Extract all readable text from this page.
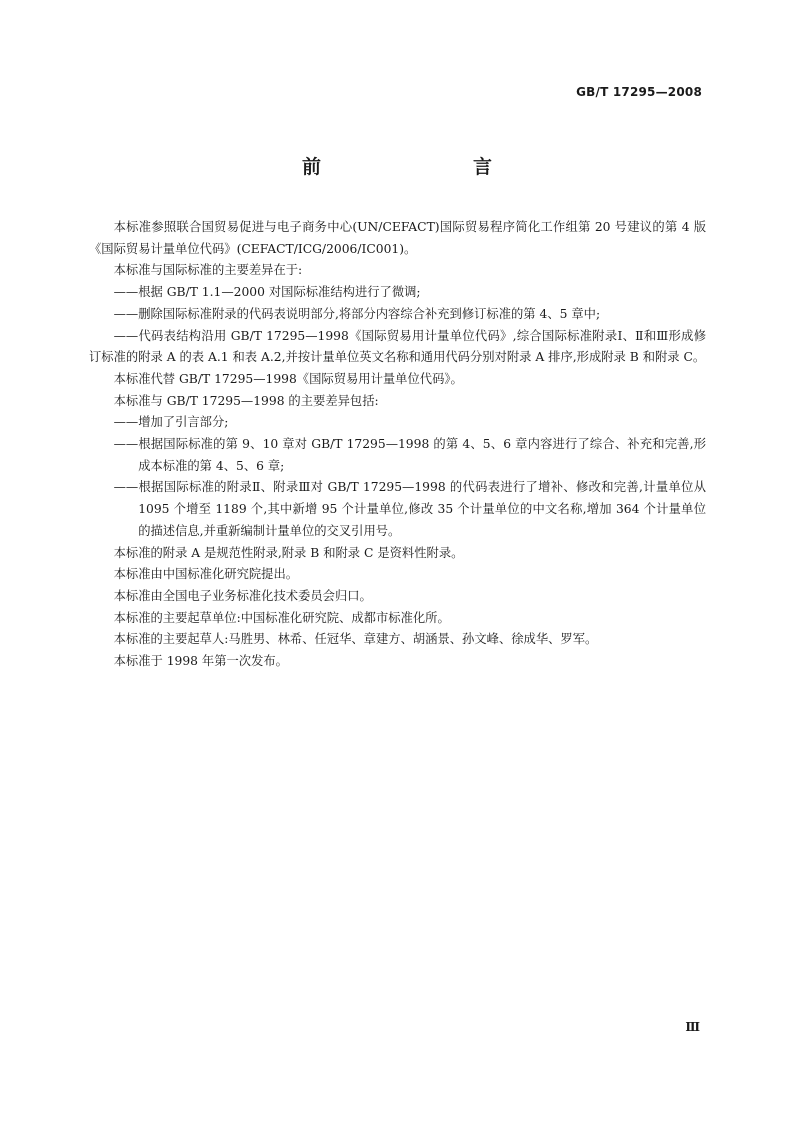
GB/T 17295—2008
前　　言

本标准参照联合国贸易促进与电子商务中心(UN/CEFACT)国际贸易程序简化工作组第 20 号建议的第 4 版《国际贸易计量单位代码》(CEFACT/ICG/2006/IC001)。

本标准与国际标准的主要差异在于:

——根据 GB/T 1.1—2000 对国际标准结构进行了微调;

——删除国际标准附录的代码表说明部分,将部分内容综合补充到修订标准的第 4、5 章中;

——代码表结构沿用 GB/T 17295—1998《国际贸易用计量单位代码》,综合国际标准附录Ⅰ、Ⅱ和Ⅲ形成修订标准的附录 A 的表 A.1 和表 A.2,并按计量单位英文名称和通用代码分别对附录 A 排序,形成附录 B 和附录 C。

本标准代替 GB/T 17295—1998《国际贸易用计量单位代码》。

本标准与 GB/T 17295—1998 的主要差异包括:

——增加了引言部分;

——根据国际标准的第 9、10 章对 GB/T 17295—1998 的第 4、5、6 章内容进行了综合、补充和完善,形成本标准的第 4、5、6 章;

——根据国际标准的附录Ⅱ、附录Ⅲ对 GB/T 17295—1998 的代码表进行了增补、修改和完善,计量单位从 1095 个增至 1189 个,其中新增 95 个计量单位,修改 35 个计量单位的中文名称,增加 364 个计量单位的描述信息,并重新编制计量单位的交叉引用号。

本标准的附录 A 是规范性附录,附录 B 和附录 C 是资料性附录。

本标准由中国标准化研究院提出。

本标准由全国电子业务标准化技术委员会归口。

本标准的主要起草单位:中国标准化研究院、成都市标准化所。

本标准的主要起草人:马胜男、林希、任冠华、章建方、胡涵景、孙文峰、徐成华、罗军。

本标准于 1998 年第一次发布。

Ⅲ
